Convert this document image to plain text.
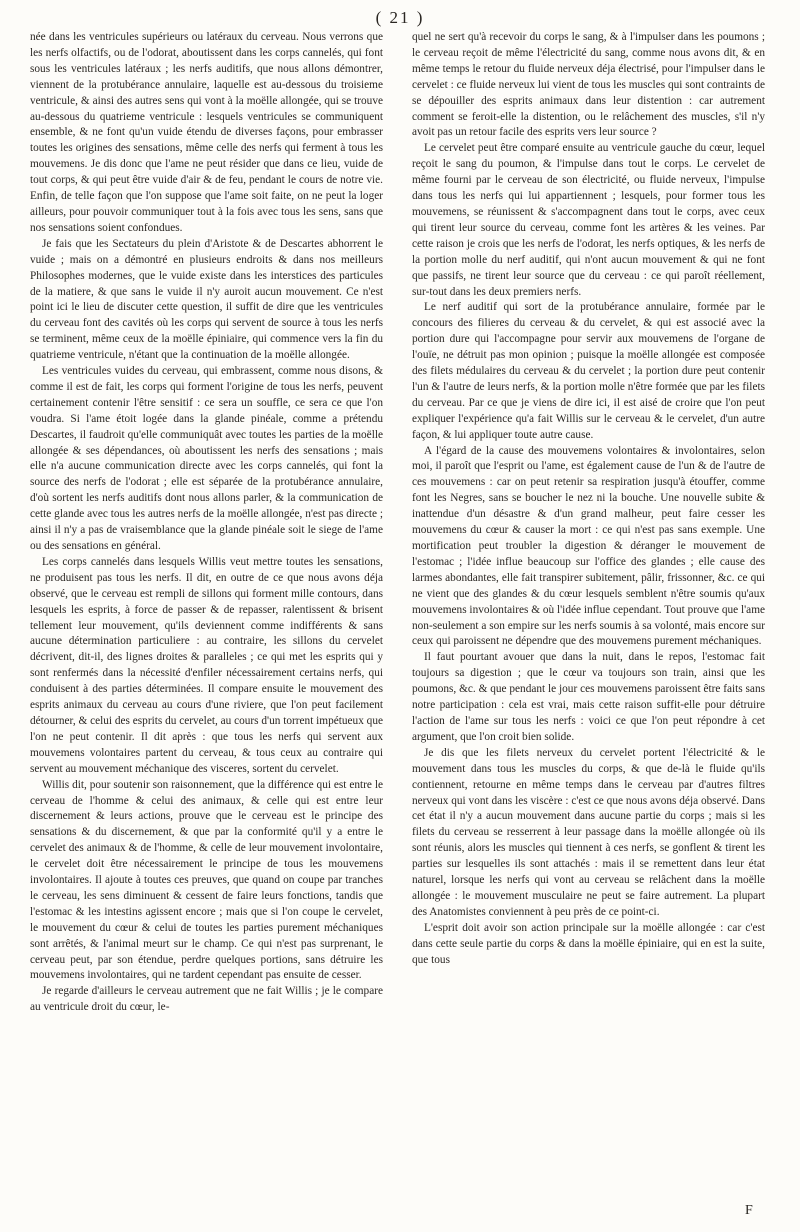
( 21 )

née dans les ventricules supérieurs ou latéraux du cerveau. Nous verrons que les nerfs olfactifs, ou de l'odorat, aboutissent dans les corps cannelés, qui font sous les ventricules latéraux ; les nerfs auditifs, que nous allons démontrer, viennent de la protubérance annulaire, laquelle est au-dessous du troisieme ventricule, & ainsi des autres sens qui vont à la moëlle allongée, qui se trouve au-dessous du quatrieme ventricule : lesquels ventricules se communiquent ensemble, & ne font qu'un vuide étendu de diverses façons, pour embrasser toutes les origines des sensations, même celle des nerfs qui ferment à tous les mouvemens. Je dis donc que l'ame ne peut résider que dans ce lieu, vuide de tout corps, & qui peut être vuide d'air & de feu, pendant le cours de notre vie. Enfin, de telle façon que l'on suppose que l'ame soit faite, on ne peut la loger ailleurs, pour pouvoir communiquer tout à la fois avec tous les sens, sans que nos sensations soient confondues.

Je fais que les Sectateurs du plein d'Aristote & de Descartes abhorrent le vuide ; mais on a démontré en plusieurs endroits & dans nos meilleurs Philosophes modernes, que le vuide existe dans les interstices des particules de la matiere, & que sans le vuide il n'y auroit aucun mouvement. Ce n'est point ici le lieu de discuter cette question, il suffit de dire que les ventricules du cerveau font des cavités où les corps qui servent de source à tous les nerfs se terminent, même ceux de la moëlle épiniaire, qui commence vers la fin du quatrieme ventricule, n'étant que la continuation de la moëlle allongée.

Les ventricules vuides du cerveau, qui embrassent, comme nous disons, & comme il est de fait, les corps qui forment l'origine de tous les nerfs, peuvent certainement contenir l'être sensitif : ce sera un souffle, ce sera ce que l'on voudra. Si l'ame étoit logée dans la glande pinéale, comme a prétendu Descartes, il faudroit qu'elle communiquât avec toutes les parties de la moëlle allongée & ses dépendances, où aboutissent les nerfs des sensations ; mais elle n'a aucune communication directe avec les corps cannelés, qui font la source des nerfs de l'odorat ; elle est séparée de la protubérance annulaire, d'où sortent les nerfs auditifs dont nous allons parler, & la communication de cette glande avec tous les autres nerfs de la moëlle allongée, n'est pas directe ; ainsi il n'y a pas de vraisemblance que la glande pinéale soit le siege de l'ame ou des sensations en général.

Les corps cannelés dans lesquels Willis veut mettre toutes les sensations, ne produisent pas tous les nerfs. Il dit, en outre de ce que nous avons déja observé, que le cerveau est rempli de sillons qui forment mille contours, dans lesquels les esprits, à force de passer & de repasser, ralentissent & brisent tellement leur mouvement, qu'ils deviennent comme indifférents & sans aucune détermination particuliere : au contraire, les sillons du cervelet décrivent, dit-il, des lignes droites & paralleles ; ce qui met les esprits qui y sont renfermés dans la nécessité d'enfiler nécessairement certains nerfs, qui conduisent à des parties déterminées. Il compare ensuite le mouvement des esprits animaux du cerveau au cours d'une riviere, que l'on peut facilement détourner, & celui des esprits du cervelet, au cours d'un torrent impétueux que l'on ne peut contenir. Il dit après : que tous les nerfs qui servent aux mouvemens volontaires partent du cerveau, & tous ceux au contraire qui servent au mouvement méchanique des visceres, sortent du cervelet.

Willis dit, pour soutenir son raisonnement, que la différence qui est entre le cerveau de l'homme & celui des animaux, & celle qui est entre leur discernement & leurs actions, prouve que le cerveau est le principe des sensations & du discernement, & que par la conformité qu'il y a entre le cervelet des animaux & de l'homme, & celle de leur mouvement involontaire, le cervelet doit être nécessairement le principe de tous les mouvemens involontaires. Il ajoute à toutes ces preuves, que quand on coupe par tranches le cerveau, les sens diminuent & cessent de faire leurs fonctions, tandis que l'estomac & les intestins agissent encore ; mais que si l'on coupe le cervelet, le mouvement du cœur & celui de toutes les parties purement méchaniques sont arrêtés, & l'animal meurt sur le champ. Ce qui n'est pas surprenant, le cerveau peut, par son étendue, perdre quelques portions, sans détruire les mouvemens involontaires, qui ne tardent cependant pas ensuite de cesser.

Je regarde d'ailleurs le cerveau autrement que ne fait Willis ; je le compare au ventricule droit du cœur, le-

quel ne sert qu'à recevoir du corps le sang, & à l'impulser dans les poumons ; le cerveau reçoit de même l'électricité du sang, comme nous avons dit, & en même temps le retour du fluide nerveux déja électrisé, pour l'impulser dans le cervelet : ce fluide nerveux lui vient de tous les muscles qui sont contraints de se dépouiller des esprits animaux dans leur distention : car autrement comment se feroit-elle la distention, ou le relâchement des muscles, s'il n'y avoit pas un retour facile des esprits vers leur source ?

Le cervelet peut être comparé ensuite au ventricule gauche du cœur, lequel reçoit le sang du poumon, & l'impulse dans tout le corps. Le cervelet de même fourni par le cerveau de son électricité, ou fluide nerveux, l'impulse dans tous les nerfs qui lui appartiennent ; lesquels, pour former tous les mouvemens, se réunissent & s'accompagnent dans tout le corps, avec ceux qui tirent leur source du cerveau, comme font les artères & les veines. Par cette raison je crois que les nerfs de l'odorat, les nerfs optiques, & les nerfs de la portion molle du nerf auditif, qui n'ont aucun mouvement & qui ne font que passifs, ne tirent leur source que du cerveau : ce qui paroît réellement, sur-tout dans les deux premiers nerfs.

Le nerf auditif qui sort de la protubérance annulaire, formée par le concours des filieres du cerveau & du cervelet, & qui est associé avec la portion dure qui l'accompagne pour servir aux mouvemens de l'organe de l'ouïe, ne détruit pas mon opinion ; puisque la moëlle allongée est composée des filets médulaires du cerveau & du cervelet ; la portion dure peut contenir l'un & l'autre de leurs nerfs, & la portion molle n'être formée que par les filets du cerveau. Par ce que je viens de dire ici, il est aisé de croire que l'on peut expliquer l'expérience qu'a fait Willis sur le cerveau & le cervelet, d'un autre façon, & lui appliquer toute autre cause.

A l'égard de la cause des mouvemens volontaires & involontaires, selon moi, il paroît que l'esprit ou l'ame, est également cause de l'un & de l'autre de ces mouvemens : car on peut retenir sa respiration jusqu'à étouffer, comme font les Negres, sans se boucher le nez ni la bouche. Une nouvelle subite & inattendue d'un désastre & d'un grand malheur, peut faire cesser les mouvemens du cœur & causer la mort : ce qui n'est pas sans exemple. Une mortification peut troubler la digestion & déranger le mouvement de l'estomac ; l'idée influe beaucoup sur l'office des glandes ; elle cause des larmes abondantes, elle fait transpirer subitement, pâlir, frissonner, &c. ce qui ne vient que des glandes & du cœur lesquels semblent n'être soumis qu'aux mouvemens involontaires & où l'idée influe cependant. Tout prouve que l'ame non-seulement a son empire sur les nerfs soumis à sa volonté, mais encore sur ceux qui paroissent ne dépendre que des mouvemens purement méchaniques.

Il faut pourtant avouer que dans la nuit, dans le repos, l'estomac fait toujours sa digestion ; que le cœur va toujours son train, ainsi que les poumons, &c. & que pendant le jour ces mouvemens paroissent être faits sans notre participation : cela est vrai, mais cette raison suffit-elle pour détruire l'action de l'ame sur tous les nerfs : voici ce que l'on peut répondre à cet argument, que l'on croit bien solide.

Je dis que les filets nerveux du cervelet portent l'électricité & le mouvement dans tous les muscles du corps, & que de-là le fluide qu'ils contiennent, retourne en même temps dans le cerveau par d'autres filtres nerveux qui vont dans les viscère : c'est ce que nous avons déja observé. Dans cet état il n'y a aucun mouvement dans aucune partie du corps ; mais si les filets du cerveau se resserrent à leur passage dans la moëlle allongée où ils sont réunis, alors les muscles qui tiennent à ces nerfs, se gonflent & tirent les parties sur lesquelles ils sont attachés : mais il se remettent dans leur état naturel, lorsque les nerfs qui vont au cerveau se relâchent dans la moëlle allongée : le mouvement musculaire ne peut se faire autrement. La plupart des Anatomistes conviennent à peu près de ce point-ci.

L'esprit doit avoir son action principale sur la moëlle allongée : car c'est dans cette seule partie du corps & dans la moëlle épiniaire, qui en est la suite, que tous

F
